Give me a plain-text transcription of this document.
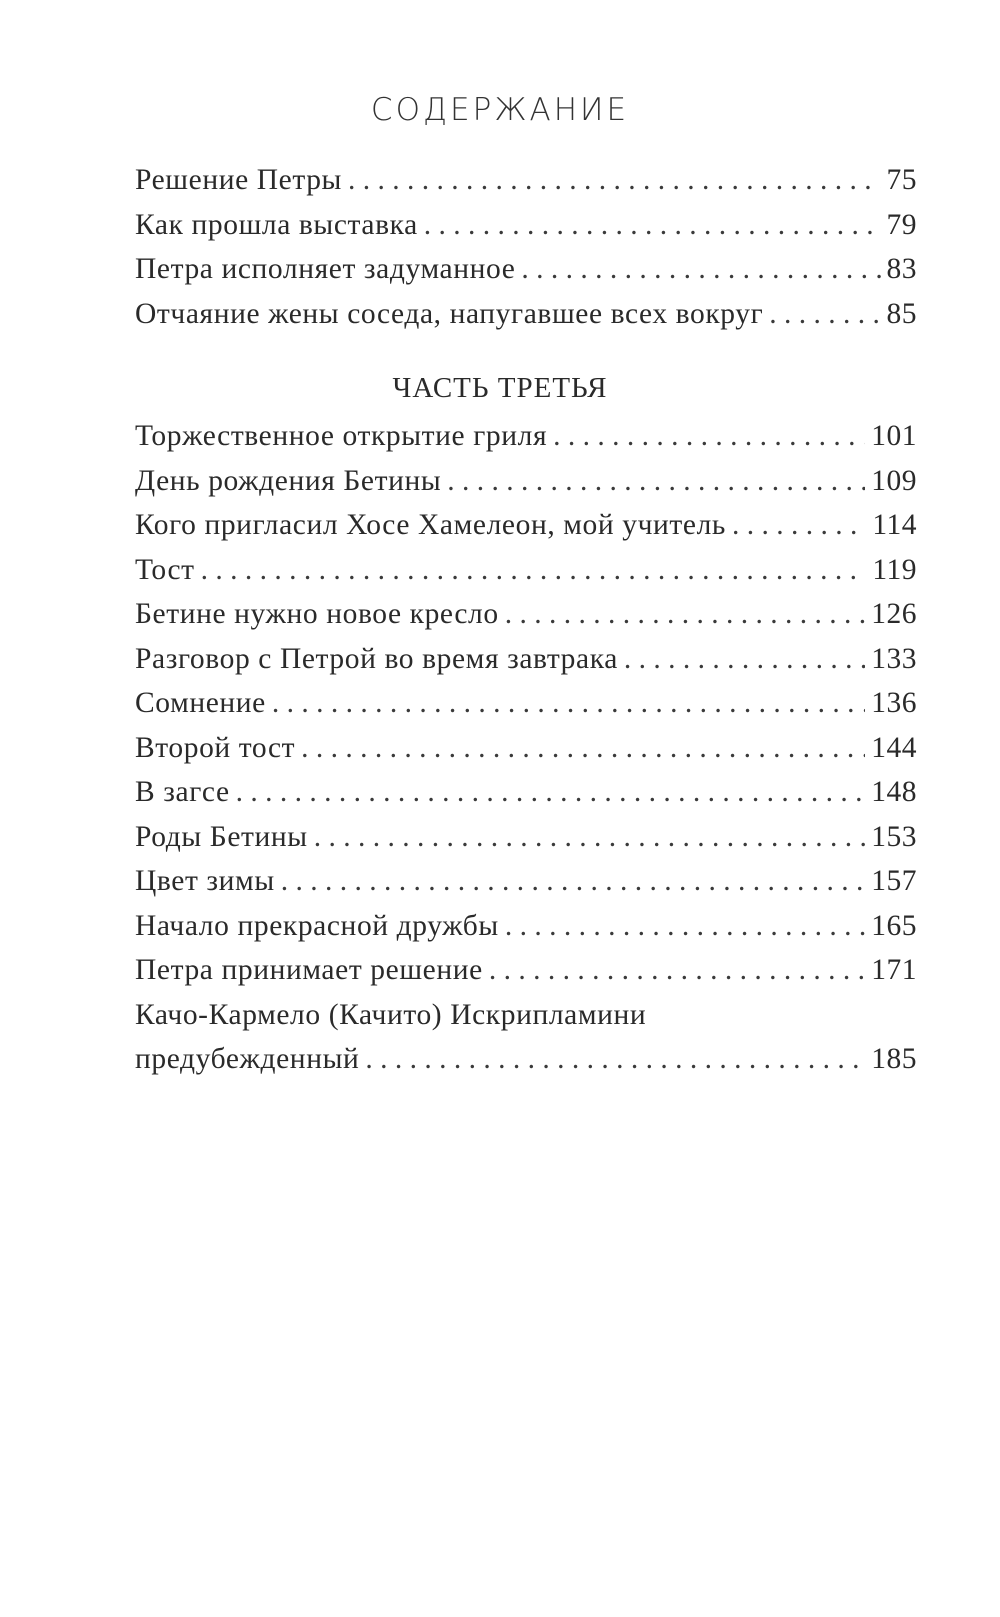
СОДЕРЖАНИЕ
Решение Петры . . .	75
Как прошла выставка . . .	79
Петра исполняет задуманное . . .	83
Отчаяние жены соседа, напугавшее всех вокруг . . .	85
ЧАСТЬ ТРЕТЬЯ
Торжественное открытие гриля . . .	101
День рождения Бетины . . .	109
Кого пригласил Хосе Хамелеон, мой учитель . . .	114
Тост . . .	119
Бетине нужно новое кресло . . .	126
Разговор с Петрой во время завтрака . . .	133
Сомнение . . .	136
Второй тост . . .	144
В загсе . . .	148
Роды Бетины . . .	153
Цвет зимы . . .	157
Начало прекрасной дружбы . . .	165
Петра принимает решение . . .	171
Качо-Кармело (Качито) Искрипламини
предубежденный . . .	185
